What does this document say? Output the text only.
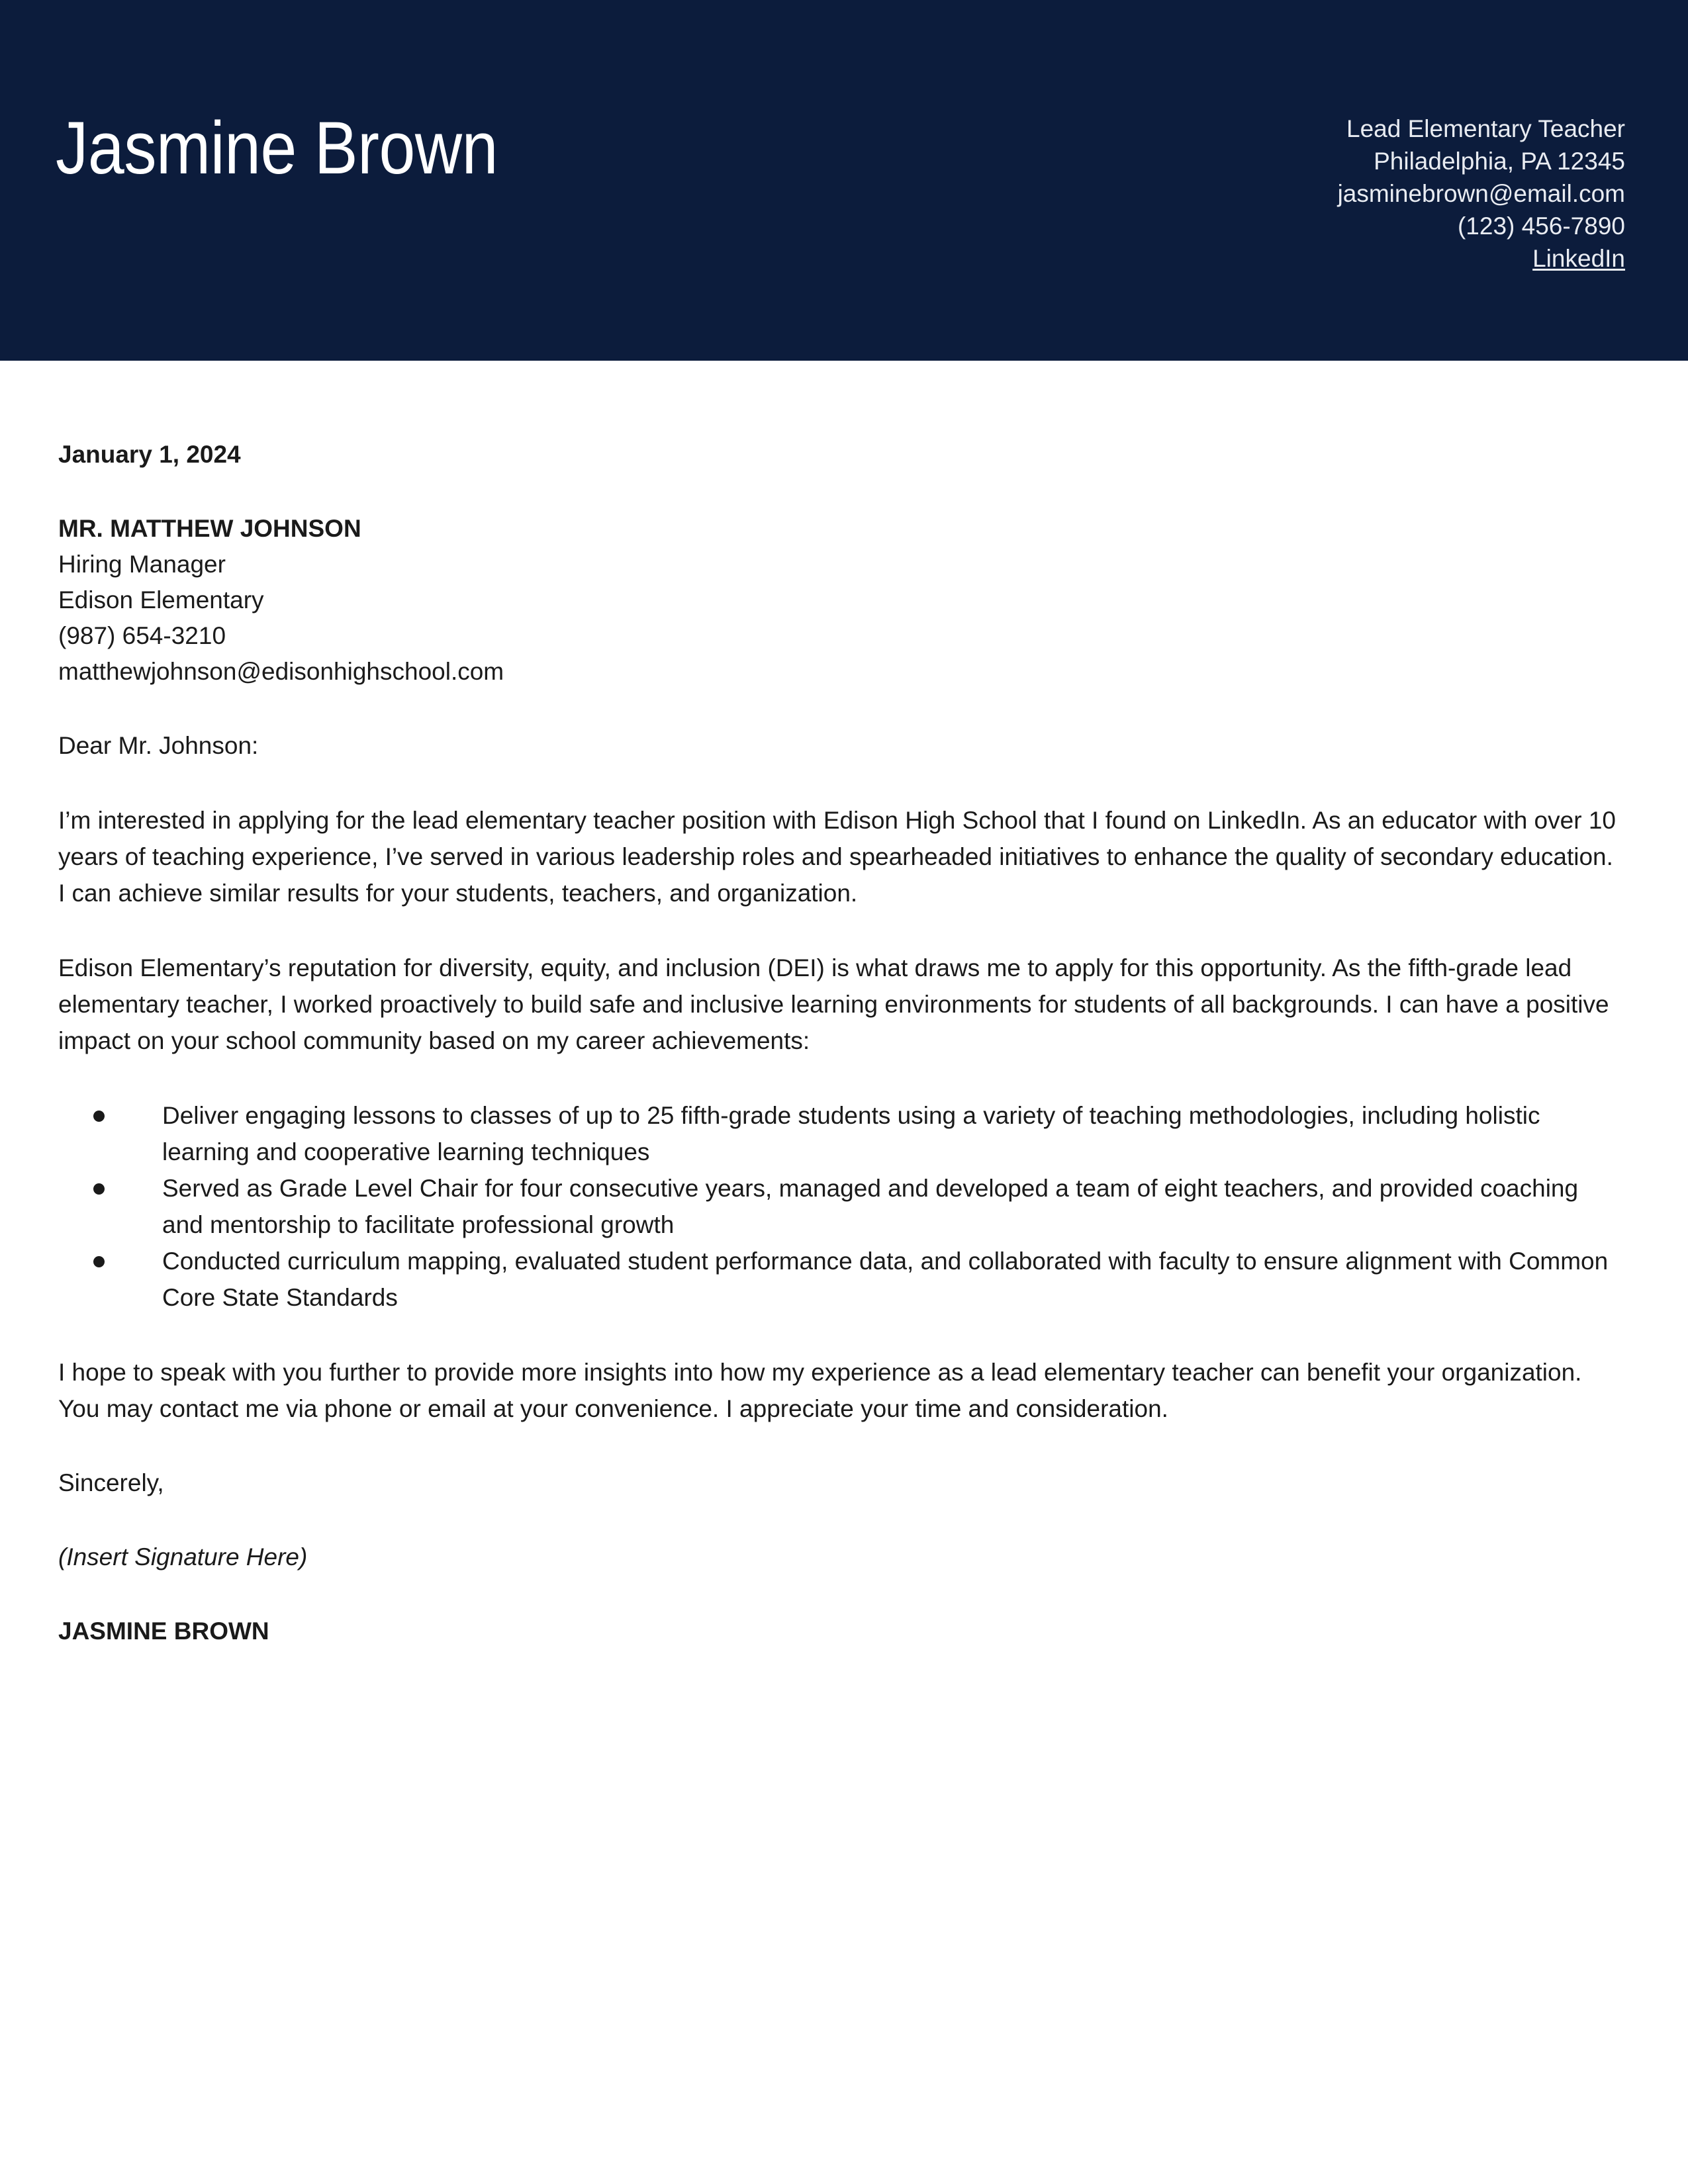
Jasmine Brown	Lead Elementary Teacher
Philadelphia, PA 12345
jasminebrown@email.com
(123) 456-7890
LinkedIn
January 1, 2024
MR. MATTHEW JOHNSON
Hiring Manager
Edison Elementary
(987) 654-3210
matthewjohnson@edisonhighschool.com
Dear Mr. Johnson:
I’m interested in applying for the lead elementary teacher position with Edison High School that I found on LinkedIn. As an educator with over 10 years of teaching experience, I’ve served in various leadership roles and spearheaded initiatives to enhance the quality of secondary education. I can achieve similar results for your students, teachers, and organization.
Edison Elementary’s reputation for diversity, equity, and inclusion (DEI) is what draws me to apply for this opportunity. As the fifth-grade lead elementary teacher, I worked proactively to build safe and inclusive learning environments for students of all backgrounds. I can have a positive impact on your school community based on my career achievements:
Deliver engaging lessons to classes of up to 25 fifth-grade students using a variety of teaching methodologies, including holistic learning and cooperative learning techniques
Served as Grade Level Chair for four consecutive years, managed and developed a team of eight teachers, and provided coaching and mentorship to facilitate professional growth
Conducted curriculum mapping, evaluated student performance data, and collaborated with faculty to ensure alignment with Common Core State Standards
I hope to speak with you further to provide more insights into how my experience as a lead elementary teacher can benefit your organization. You may contact me via phone or email at your convenience. I appreciate your time and consideration.
Sincerely,
(Insert Signature Here)
JASMINE BROWN
